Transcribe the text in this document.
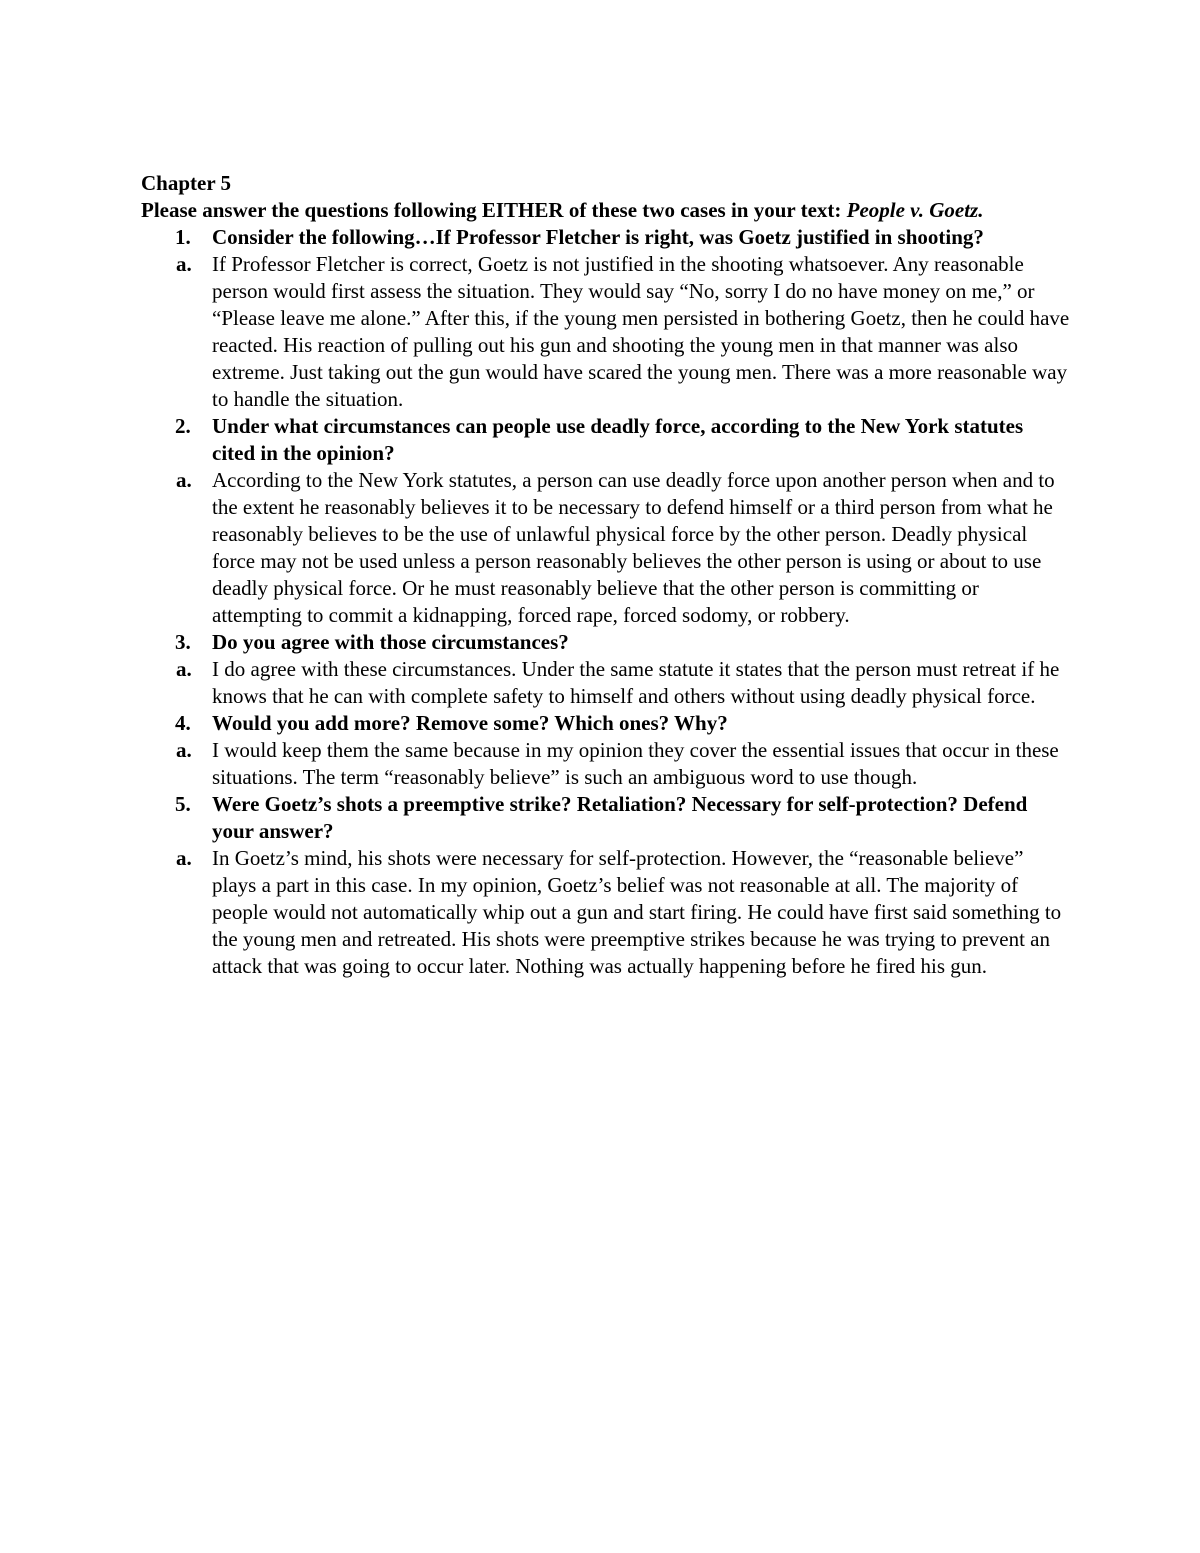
Chapter 5

Please answer the questions following EITHER of these two cases in your text: People v. Goetz.

1. Consider the following…If Professor Fletcher is right, was Goetz justified in shooting?
a. If Professor Fletcher is correct, Goetz is not justified in the shooting whatsoever. Any reasonable person would first assess the situation. They would say “No, sorry I do no have money on me,” or “Please leave me alone.” After this, if the young men persisted in bothering Goetz, then he could have reacted. His reaction of pulling out his gun and shooting the young men in that manner was also extreme. Just taking out the gun would have scared the young men. There was a more reasonable way to handle the situation.
2. Under what circumstances can people use deadly force, according to the New York statutes cited in the opinion?
a. According to the New York statutes, a person can use deadly force upon another person when and to the extent he reasonably believes it to be necessary to defend himself or a third person from what he reasonably believes to be the use of unlawful physical force by the other person. Deadly physical force may not be used unless a person reasonably believes the other person is using or about to use deadly physical force. Or he must reasonably believe that the other person is committing or attempting to commit a kidnapping, forced rape, forced sodomy, or robbery.
3. Do you agree with those circumstances?
a. I do agree with these circumstances. Under the same statute it states that the person must retreat if he knows that he can with complete safety to himself and others without using deadly physical force.
4. Would you add more? Remove some? Which ones? Why?
a. I would keep them the same because in my opinion they cover the essential issues that occur in these situations. The term “reasonably believe” is such an ambiguous word to use though.
5. Were Goetz’s shots a preemptive strike? Retaliation? Necessary for self-protection? Defend your answer?
a. In Goetz’s mind, his shots were necessary for self-protection. However, the “reasonable believe” plays a part in this case. In my opinion, Goetz’s belief was not reasonable at all. The majority of people would not automatically whip out a gun and start firing. He could have first said something to the young men and retreated. His shots were preemptive strikes because he was trying to prevent an attack that was going to occur later. Nothing was actually happening before he fired his gun.
